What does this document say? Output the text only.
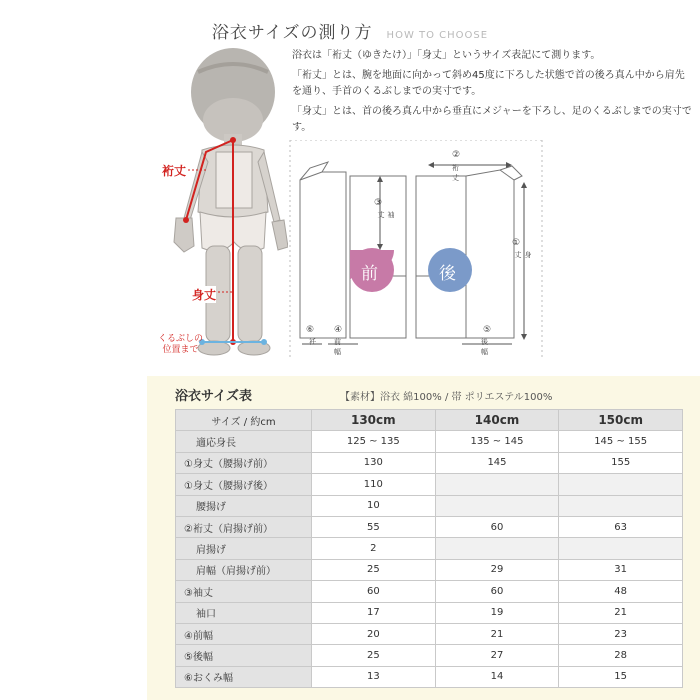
浴衣サイズの測り方 HOW TO CHOOSE
裄丈
身丈
くるぶしの
位置まで

浴衣は「裄丈（ゆきたけ）」「身丈」というサイズ表記にて測ります。

「裄丈」とは、腕を地面に向かって斜め45度に下ろした状態で首の後ろ真ん中から肩先を通り、手首のくるぶしまでの実寸です。

「身丈」とは、首の後ろ真ん中から垂直にメジャーを下ろし、足のくるぶしまでの実寸です。

①
身丈
②
裄丈
③
袖丈
⑥
衽
④
前幅
⑤
後幅
前	後
浴衣サイズ表	【素材】浴衣 綿100% / 帯 ポリエステル100%
サイズ / 約cm	130cm	140cm	150cm
適応身長	125 ~ 135	135 ~ 145	145 ~ 155
①身丈（腰揚げ前）	130	145	155
①身丈（腰揚げ後）	110		
腰揚げ	10		
②裄丈（肩揚げ前）	55	60	63
肩揚げ	2		
肩幅（肩揚げ前）	25	29	31
③袖丈	60	60	48
袖口	17	19	21
④前幅	20	21	23
⑤後幅	25	27	28
⑥おくみ幅	13	14	15
